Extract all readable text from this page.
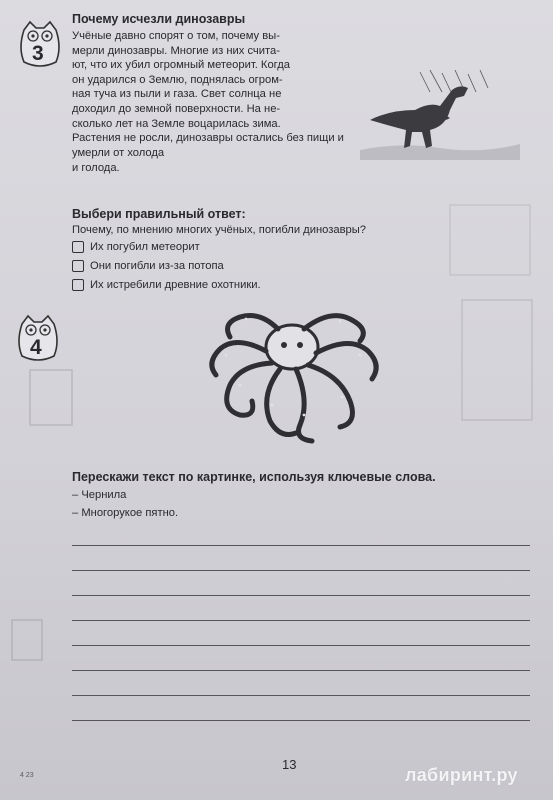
3
Почему исчезли динозавры
Учёные давно спорят о том, почему вы-
мерли динозавры. Многие из них счита-
ют, что их убил огромный метеорит. Когда
он ударился о Землю, поднялась огром-
ная туча из пыли и газа. Свет солнца не
доходил до земной поверхности. На не-
сколько лет на Земле воцарилась зима.
Растения не росли, динозавры остались без пищи и умерли от холода
и голода.
Выбери правильный ответ:
Почему, по мнению многих учёных, погибли динозавры?
Их погубил метеорит
Они погибли из-за потопа
Их истребили древние охотники.
4
Перескажи текст по картинке, используя ключевые слова.
– Чернила
– Многорукое пятно.
13
4 23	лабиринт.ру
